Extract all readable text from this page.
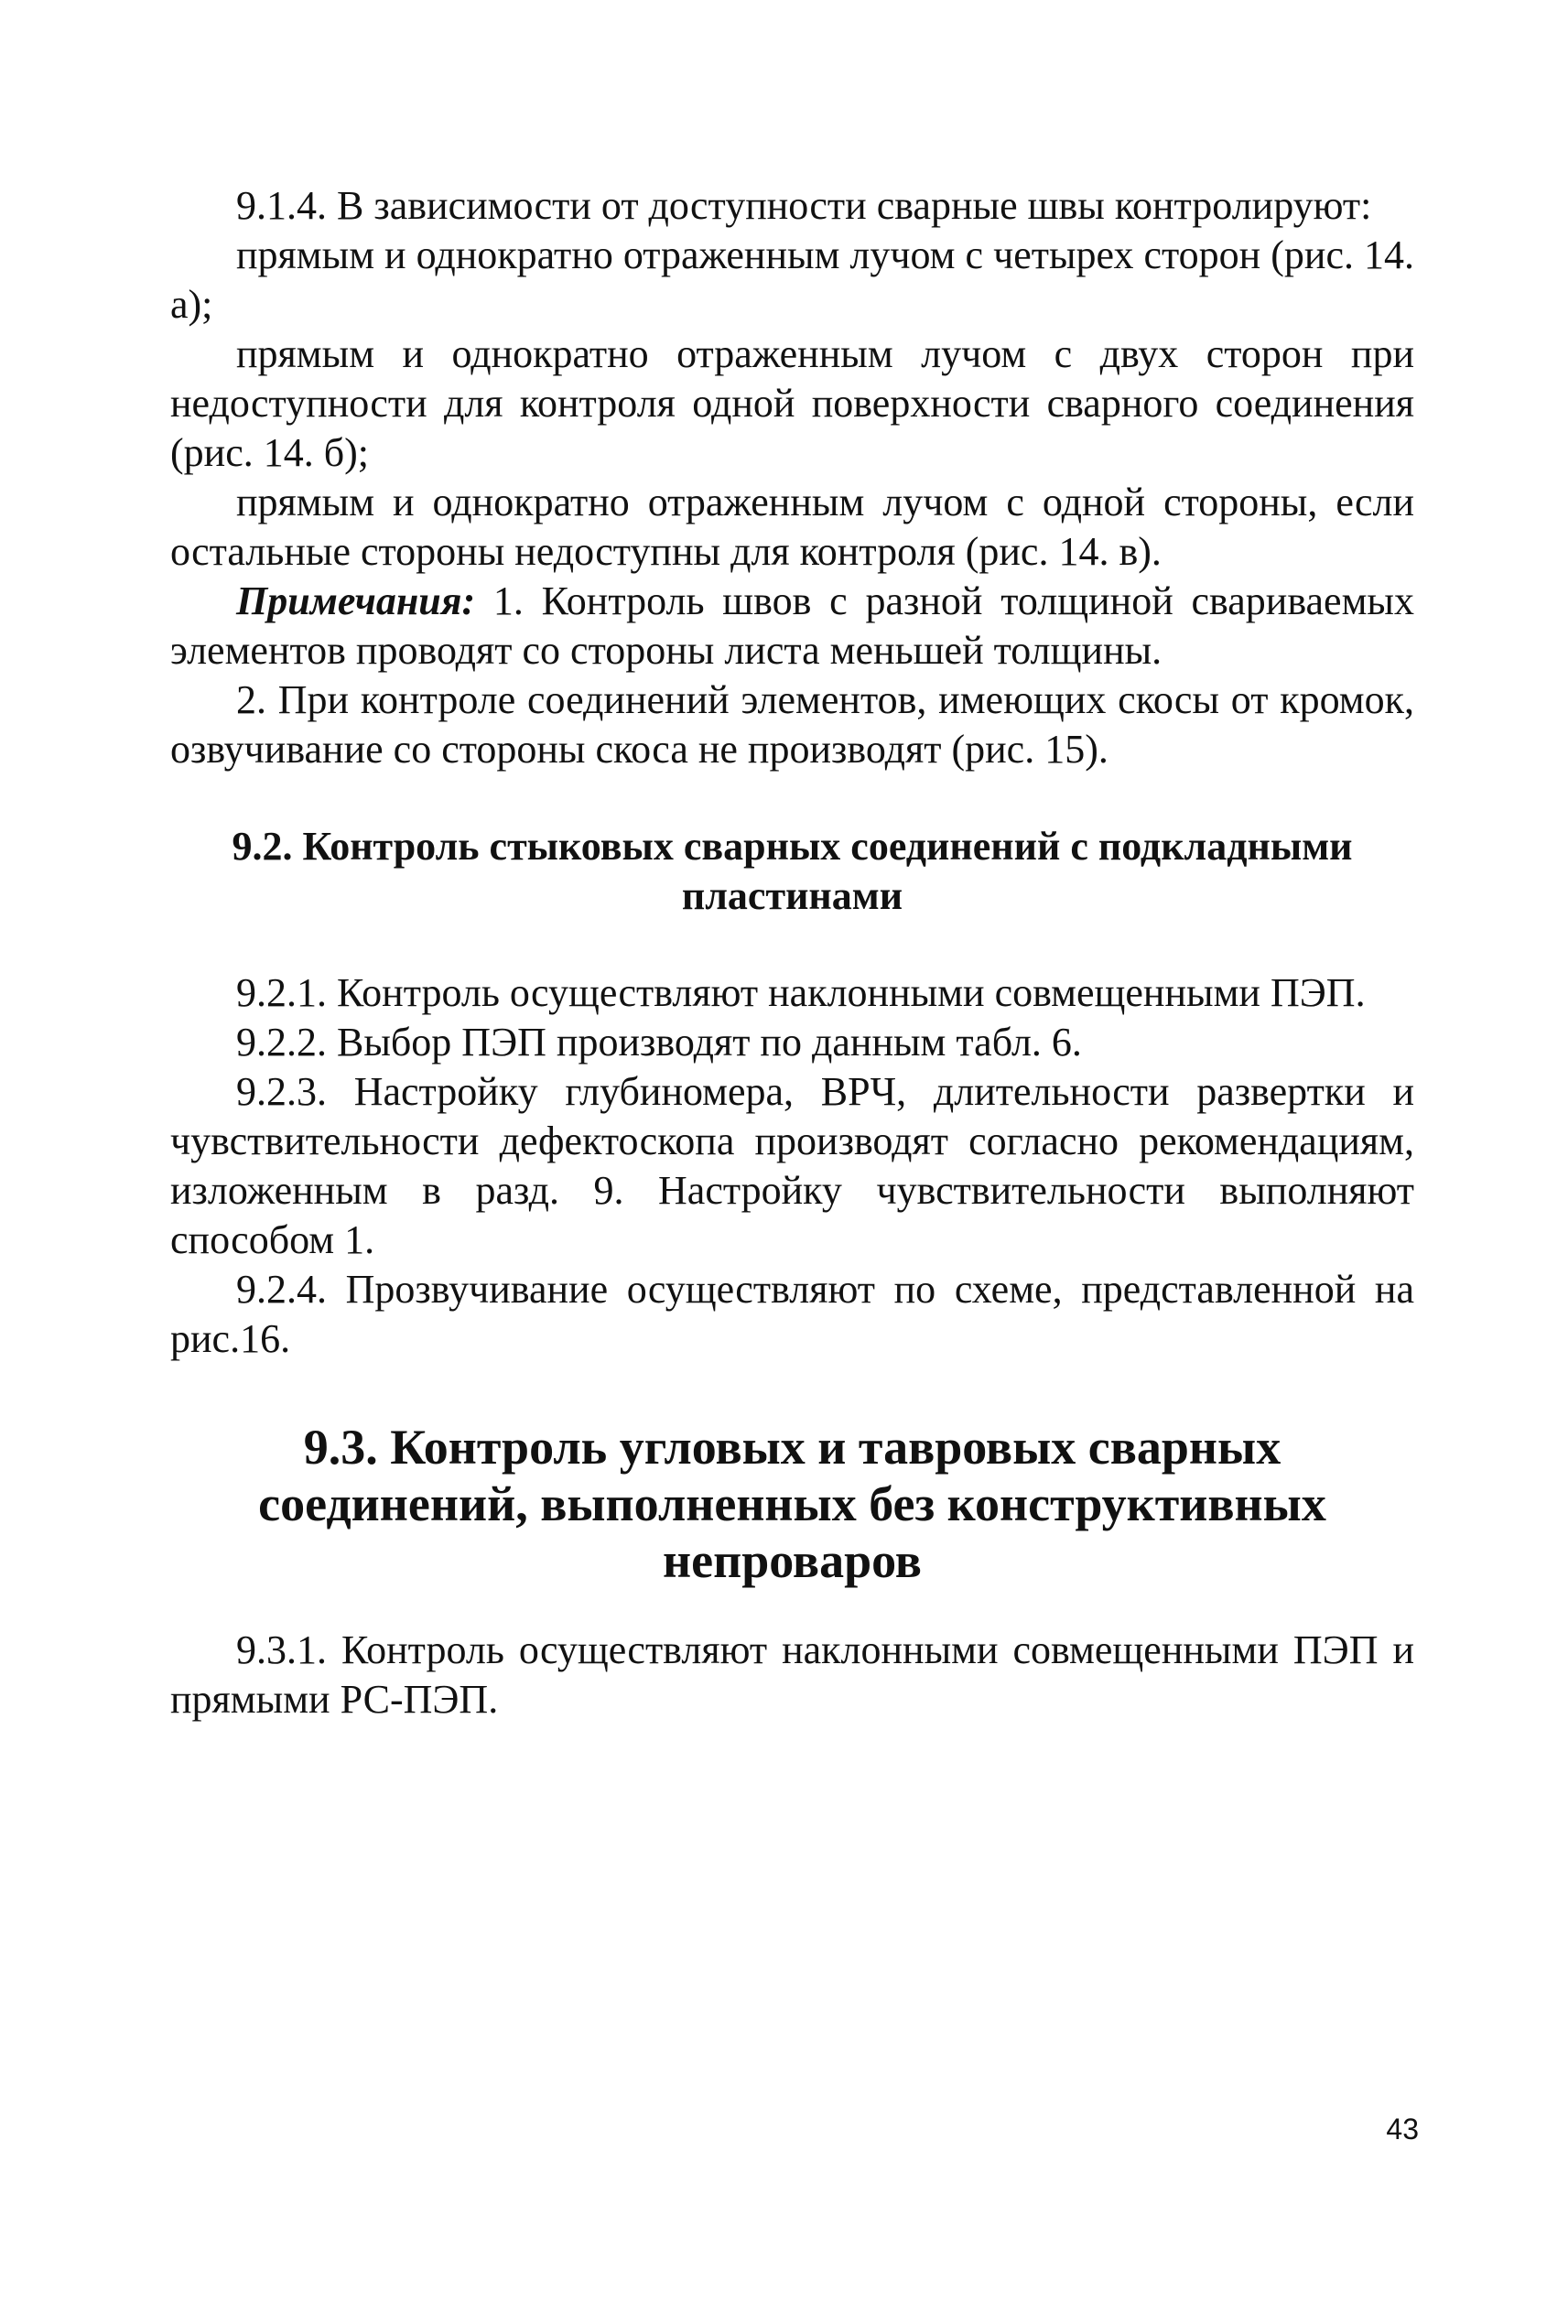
9.1.4. В зависимости от доступности сварные швы контролируют:

прямым и однократно отраженным лучом с четырех сторон (рис. 14. а);

прямым и однократно отраженным лучом с двух сторон при недоступности для контроля одной поверхности сварного соединения (рис. 14. б);

прямым и однократно отраженным лучом с одной стороны, если остальные стороны недоступны для контроля (рис. 14. в).

Примечания: 1. Контроль швов с разной толщиной свариваемых элементов проводят со стороны листа меньшей толщины.

2. При контроле соединений элементов, имеющих скосы от кромок, озвучивание со стороны скоса не производят (рис. 15).

9.2. Контроль стыковых сварных соединений с подкладными пластинами

9.2.1. Контроль осуществляют наклонными совмещенными ПЭП.

9.2.2. Выбор ПЭП производят по данным табл. 6.

9.2.3. Настройку глубиномера, ВРЧ, длительности развертки и чувствительности дефектоскопа производят согласно рекомендациям, изложенным в разд. 9. Настройку чувствительности выполняют способом 1.

9.2.4. Прозвучивание осуществляют по схеме, представленной на рис.16.

9.3. Контроль угловых и тавровых сварных соединений, выполненных без конструктивных непроваров

9.3.1. Контроль осуществляют наклонными совмещенными ПЭП и прямыми РС-ПЭП.

43
